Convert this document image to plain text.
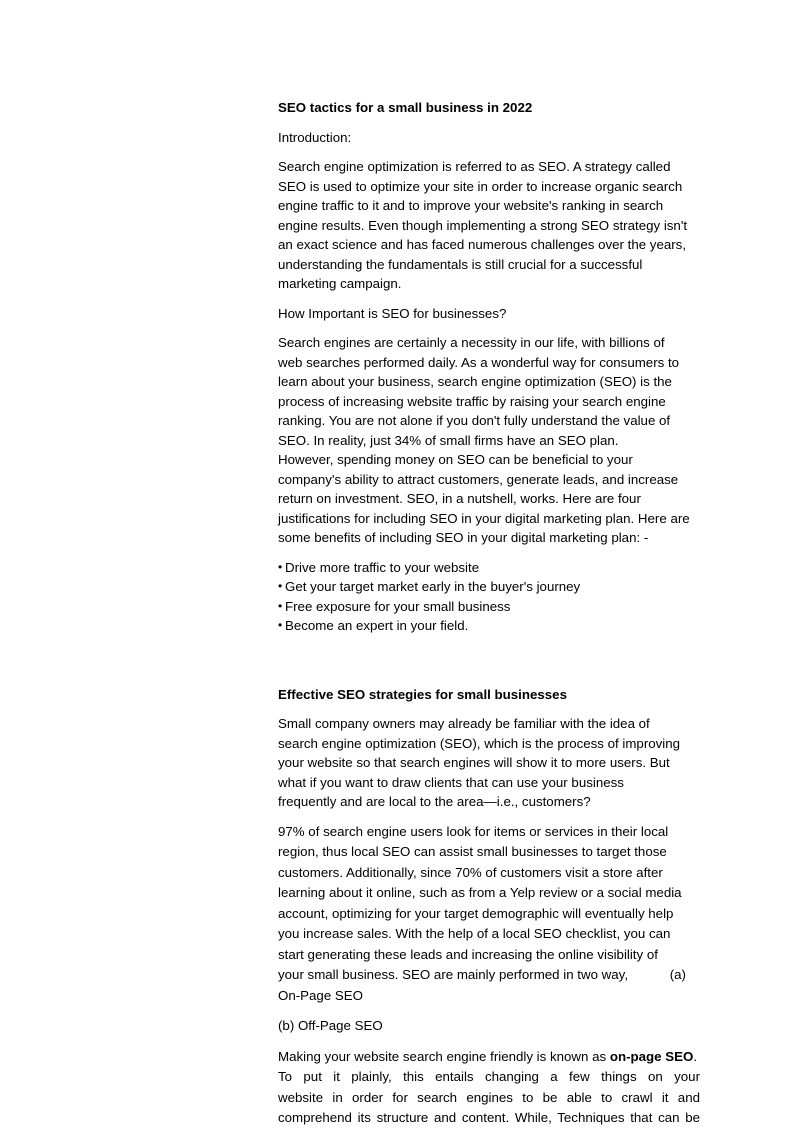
SEO tactics for a small business in 2022
Introduction:
Search engine optimization is referred to as SEO. A strategy called
SEO is used to optimize your site in order to increase organic search
engine traffic to it and to improve your website's ranking in search
engine results. Even though implementing a strong SEO strategy isn't
an exact science and has faced numerous challenges over the years,
understanding the fundamentals is still crucial for a successful
marketing campaign.
How Important is SEO for businesses?
Search engines are certainly a necessity in our life, with billions of
web searches performed daily. As a wonderful way for consumers to
learn about your business, search engine optimization (SEO) is the
process of increasing website traffic by raising your search engine
ranking. You are not alone if you don't fully understand the value of
SEO. In reality, just 34% of small firms have an SEO plan.
However, spending money on SEO can be beneficial to your
company's ability to attract customers, generate leads, and increase
return on investment. SEO, in a nutshell, works. Here are four
justifications for including SEO in your digital marketing plan. Here are
some benefits of including SEO in your digital marketing plan: -
• Drive more traffic to your website
• Get your target market early in the buyer's journey
• Free exposure for your small business
• Become an expert in your field.
Effective SEO strategies for small businesses
Small company owners may already be familiar with the idea of
search engine optimization (SEO), which is the process of improving
your website so that search engines will show it to more users. But
what if you want to draw clients that can use your business
frequently and are local to the area—i.e., customers?
97% of search engine users look for items or services in their local
region, thus local SEO can assist small businesses to target those
customers. Additionally, since 70% of customers visit a store after
learning about it online, such as from a Yelp review or a social media
account, optimizing for your target demographic will eventually help
you increase sales. With the help of a local SEO checklist, you can
start generating these leads and increasing the online visibility of
your small business. SEO are mainly performed in two way,	(a)
On-Page SEO
(b) Off-Page SEO
Making your website search engine friendly is known as on-page SEO.
To put it plainly, this entails changing a few things on your
website in order for search engines to be able to crawl it and
comprehend its structure and content. While, Techniques that can be
